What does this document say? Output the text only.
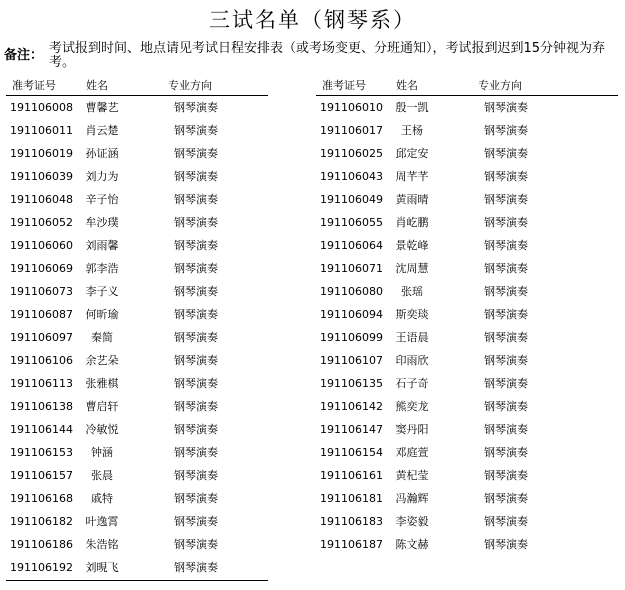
三试名单（钢琴系）
备注： 考试报到时间、地点请见考试日程安排表（或考场变更、分班通知），考试报到迟到15分钟视为弃考。
准考证号	姓名	专业方向
191106008	曹馨艺	钢琴演奏
191106011	肖云楚	钢琴演奏
191106019	孙证涵	钢琴演奏
191106039	刘力为	钢琴演奏
191106048	辛子怡	钢琴演奏
191106052	牟沙璞	钢琴演奏
191106060	刘雨馨	钢琴演奏
191106069	郭李浩	钢琴演奏
191106073	李子义	钢琴演奏
191106087	何昕瑜	钢琴演奏
191106097	秦简	钢琴演奏
191106106	余艺朵	钢琴演奏
191106113	张雅棋	钢琴演奏
191106138	曹启轩	钢琴演奏
191106144	冷敏悦	钢琴演奏
191106153	钟涵	钢琴演奏
191106157	张晨	钢琴演奏
191106168	戚特	钢琴演奏
191106182	叶逸霄	钢琴演奏
191106186	朱浩铭	钢琴演奏
191106192	刘晛飞	钢琴演奏
准考证号	姓名	专业方向
191106010	殷一凯	钢琴演奏
191106017	王杨	钢琴演奏
191106025	邱定安	钢琴演奏
191106043	周芊芊	钢琴演奏
191106049	黄雨晴	钢琴演奏
191106055	肖屹鹏	钢琴演奏
191106064	景乾峰	钢琴演奏
191106071	沈周慧	钢琴演奏
191106080	张瑶	钢琴演奏
191106094	斯奕琰	钢琴演奏
191106099	王语晨	钢琴演奏
191106107	印雨欣	钢琴演奏
191106135	石子奇	钢琴演奏
191106142	熊奕龙	钢琴演奏
191106147	窦丹阳	钢琴演奏
191106154	邓庭萱	钢琴演奏
191106161	黄杞莹	钢琴演奏
191106181	冯瀚辉	钢琴演奏
191106183	李姿毅	钢琴演奏
191106187	陈文赫	钢琴演奏
